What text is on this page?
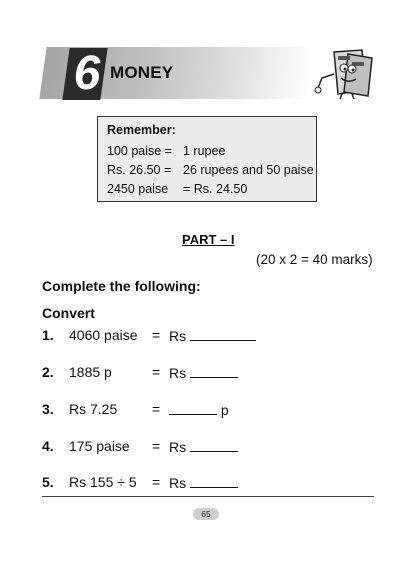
6 MONEY
Remember:
100 paise = 1 rupee
Rs. 26.50 = 26 rupees and 50 paise
2450 paise	= Rs. 24.50
PART – I
(20 x 2 = 40 marks)
Complete the following:
Convert
1. 4060 paise = Rs
2. 1885 p	= Rs
3. Rs 7.25 =	p
4. 175 paise = Rs
5. Rs 155 ÷ 5 = Rs
65
